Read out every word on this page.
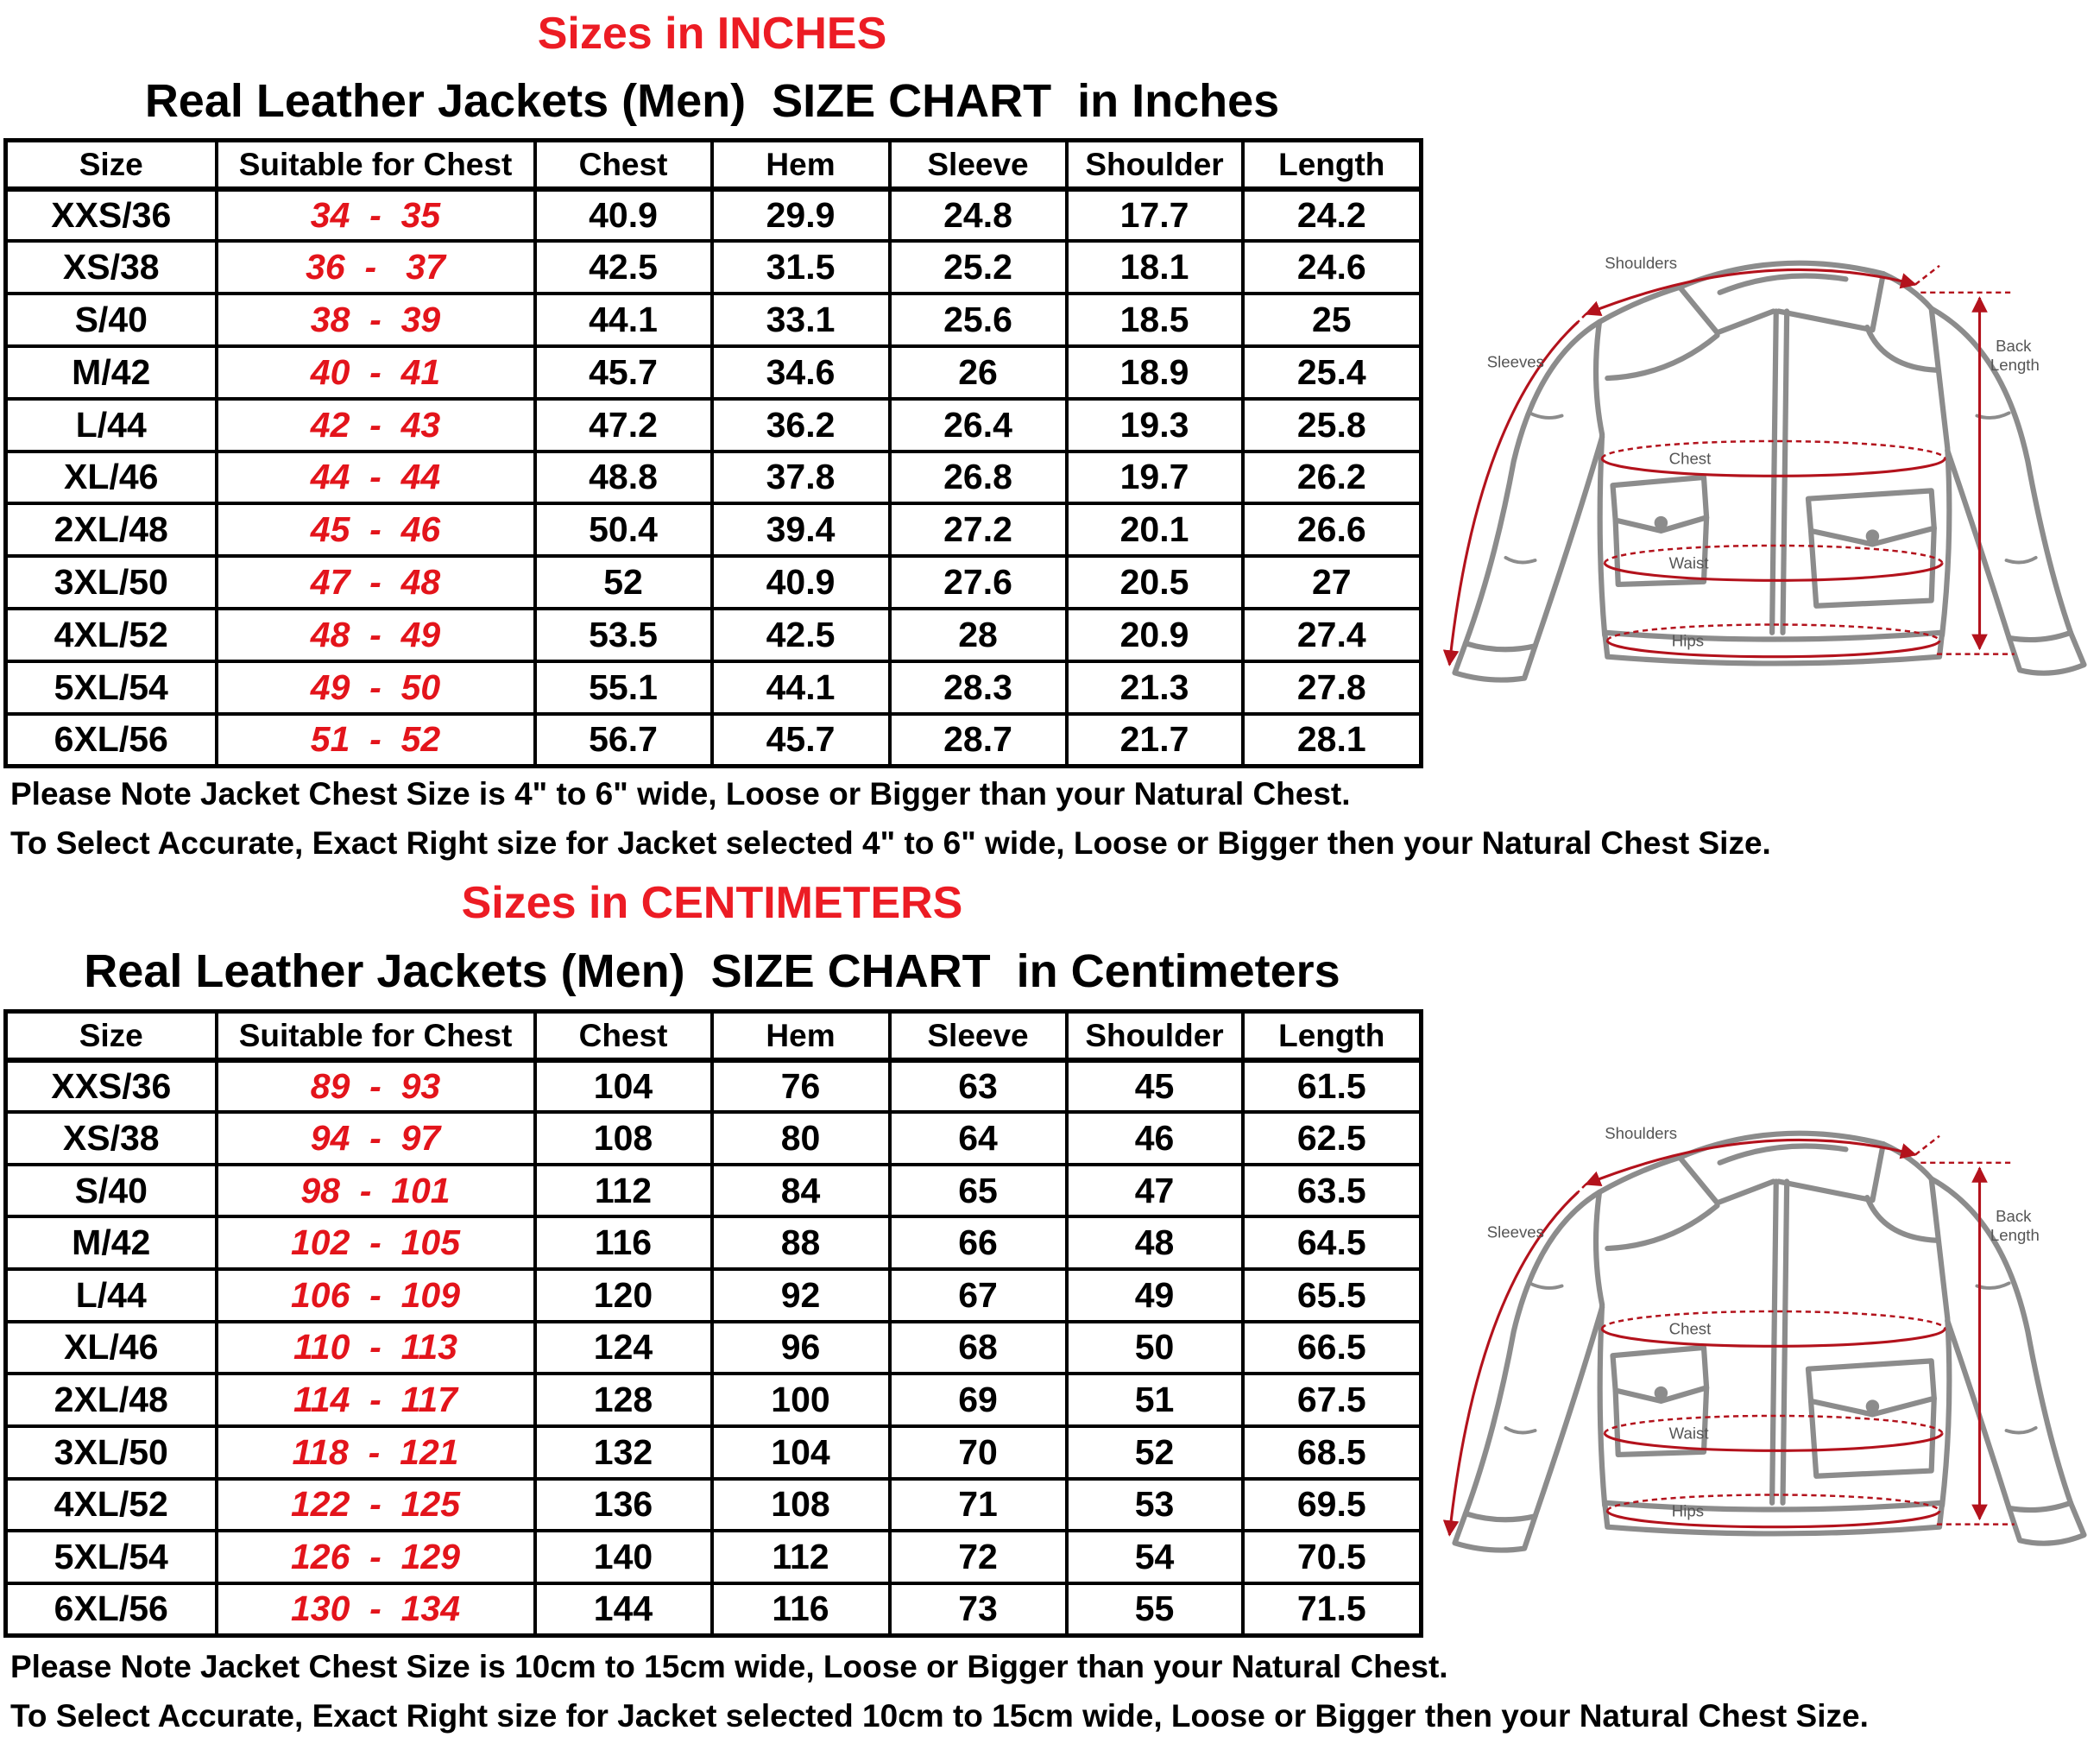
Sizes in INCHES
Real Leather Jackets (Men)  SIZE CHART  in Inches
Size	Suitable for Chest	Chest	Hem	Sleeve	Shoulder	Length
XXS/36	34  -  35	40.9	29.9	24.8	17.7	24.2
XS/38	36  -   37	42.5	31.5	25.2	18.1	24.6
S/40	38  -  39	44.1	33.1	25.6	18.5	25
M/42	40  -  41	45.7	34.6	26	18.9	25.4
L/44	42  -  43	47.2	36.2	26.4	19.3	25.8
XL/46	44  -  44	48.8	37.8	26.8	19.7	26.2
2XL/48	45  -  46	50.4	39.4	27.2	20.1	26.6
3XL/50	47  -  48	52	40.9	27.6	20.5	27
4XL/52	48  -  49	53.5	42.5	28	20.9	27.4
5XL/54	49  -  50	55.1	44.1	28.3	21.3	27.8
6XL/56	51  -  52	56.7	45.7	28.7	21.7	28.1
Please Note Jacket Chest Size is 4" to 6" wide, Loose or Bigger than your Natural Chest.
To Select Accurate, Exact Right size for Jacket selected 4" to 6" wide, Loose or Bigger then your Natural Chest Size.
Shoulders
Sleeves
Back
Length
Chest
Waist
Hips
Sizes in CENTIMETERS
Real Leather Jackets (Men)  SIZE CHART  in Centimeters
Size	Suitable for Chest	Chest	Hem	Sleeve	Shoulder	Length
XXS/36	89  -  93	104	76	63	45	61.5
XS/38	94  -  97	108	80	64	46	62.5
S/40	98  -  101	112	84	65	47	63.5
M/42	102  -  105	116	88	66	48	64.5
L/44	106  -  109	120	92	67	49	65.5
XL/46	110  -  113	124	96	68	50	66.5
2XL/48	114  -  117	128	100	69	51	67.5
3XL/50	118  -  121	132	104	70	52	68.5
4XL/52	122  -  125	136	108	71	53	69.5
5XL/54	126  -  129	140	112	72	54	70.5
6XL/56	130  -  134	144	116	73	55	71.5
Please Note Jacket Chest Size is 10cm to 15cm wide, Loose or Bigger than your Natural Chest.
To Select Accurate, Exact Right size for Jacket selected 10cm to 15cm wide, Loose or Bigger then your Natural Chest Size.
Shoulders
Sleeves
Back
Length
Chest
Waist
Hips
